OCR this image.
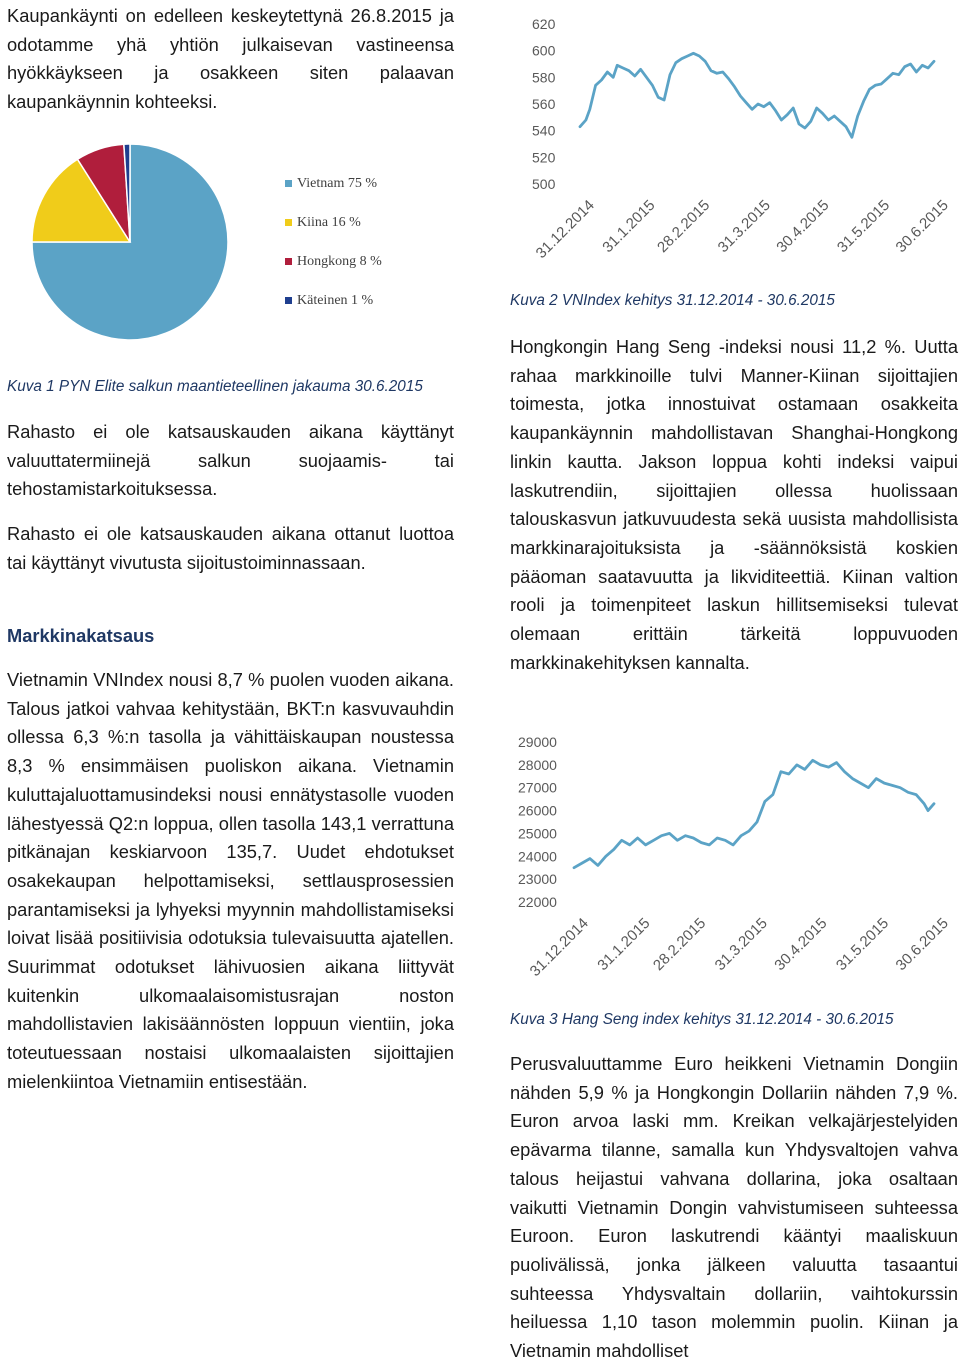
Kaupankäynti on edelleen keskeytettynä 26.8.2015 ja odotamme yhä yhtiön julkaisevan vastineensa hyökkäykseen ja osakkeen siten palaavan kaupankäynnin kohteeksi.

Vietnam 75 %
Kiina 16 %
Hongkong 8 %
Käteinen 1 %
Kuva 1 PYN Elite salkun maantieteellinen jakauma 30.6.2015

Rahasto ei ole katsauskauden aikana käyttänyt valuuttatermiinejä salkun suojaamis- tai tehostamistarkoituksessa.

Rahasto ei ole katsauskauden aikana ottanut luottoa tai käyttänyt vivutusta sijoitustoiminnassaan.

Markkinakatsaus

Vietnamin VNIndex nousi 8,7 % puolen vuoden aikana. Talous jatkoi vahvaa kehitystään, BKT:n kasvuvauhdin ollessa 6,3 %:n tasolla ja vähittäiskaupan noustessa 8,3 % ensimmäisen puoliskon aikana. Vietnamin kuluttajaluottamusindeksi nousi ennätystasolle vuoden lähestyessä Q2:n loppua, ollen tasolla 143,1 verrattuna pitkänajan keskiarvoon 135,7. Uudet ehdotukset osakekaupan helpottamiseksi, settlausprosessien parantamiseksi ja lyhyeksi myynnin mahdollistamiseksi loivat lisää positiivisia odotuksia tulevaisuutta ajatellen. Suurimmat odotukset lähivuosien aikana liittyvät kuitenkin ulkomaalaisomistusrajan noston mahdollistavien lakisäännösten loppuun vientiin, joka toteutuessaan nostaisi ulkomaalaisten sijoittajien mielenkiintoa Vietnamiin entisestään.

500
520
540
560
580
600
620
31.12.2014 31.1.2015
28.2.2015 31.3.2015 30.4.2015 31.5.2015 30.6.2015
Kuva 2 VNIndex kehitys 31.12.2014 - 30.6.2015

Hongkongin Hang Seng -indeksi nousi 11,2 %. Uutta rahaa markkinoille tulvi Manner-Kiinan sijoittajien toimesta, jotka innostuivat ostamaan osakkeita kaupankäynnin mahdollistavan Shanghai-Hongkong linkin kautta. Jakson loppua kohti indeksi vaipui laskutrendiin, sijoittajien ollessa huolissaan talouskasvun jatkuvuudesta sekä uusista mahdollisista markkinarajoituksista ja -säännöksistä koskien pääoman saatavuutta ja likviditeettiä. Kiinan valtion rooli ja toimenpiteet laskun hillitsemiseksi tulevat olemaan erittäin tärkeitä loppuvuoden markkinakehityksen kannalta.

22000
23000
24000
25000
26000
27000
28000
29000
31.12.2014 31.1.2015
28.2.2015 31.3.2015 30.4.2015 31.5.2015 30.6.2015
Kuva 3 Hang Seng index kehitys 31.12.2014 - 30.6.2015

Perusvaluuttamme Euro heikkeni Vietnamin Dongiin nähden 5,9 % ja Hongkongin Dollariin nähden 7,9 %. Euron arvoa laski mm. Kreikan velkajärjestelyiden epävarma tilanne, samalla kun Yhdysvaltojen vahva talous heijastui vahvana dollarina, joka osaltaan vaikutti Vietnamin Dongin vahvistumiseen suhteessa Euroon. Euron laskutrendi kääntyi maaliskuun puolivälissä, jonka jälkeen valuutta tasaantui suhteessa Yhdysvaltain dollariin, vaihtokurssin heiluessa 1,10 tason molemmin puolin. Kiinan ja Vietnamin mahdolliset
